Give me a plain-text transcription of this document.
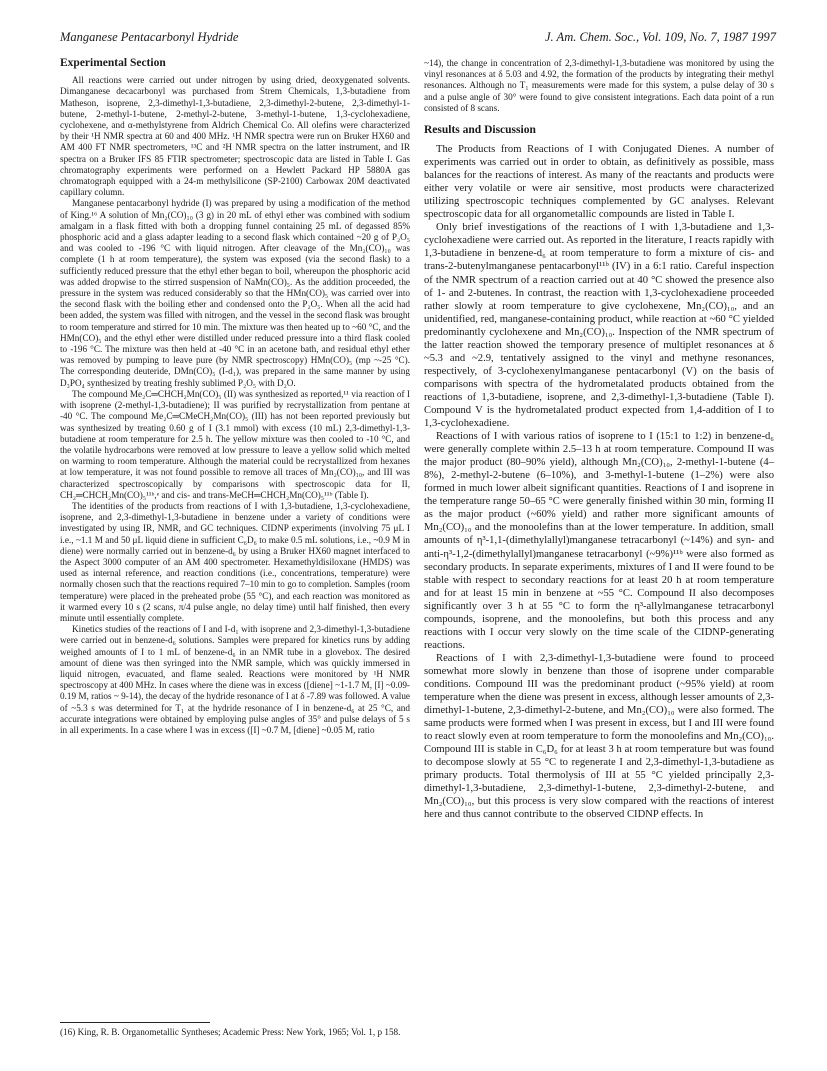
Manganese Pentacarbonyl Hydride	J. Am. Chem. Soc., Vol. 109, No. 7, 1987 1997
Experimental Section

All reactions were carried out under nitrogen by using dried, deoxygenated solvents. Dimanganese decacarbonyl was purchased from Strem Chemicals, 1,3-butadiene from Matheson, isoprene, 2,3-dimethyl-1,3-butadiene, 2,3-dimethyl-2-butene, 2,3-dimethyl-1-butene, 2-methyl-1-butene, 2-methyl-2-butene, 3-methyl-1-butene, 1,3-cyclohexadiene, cyclohexene, and α-methylstyrene from Aldrich Chemical Co. All olefins were characterized by their ¹H NMR spectra at 60 and 400 MHz. ¹H NMR spectra were run on Bruker HX60 and AM 400 FT NMR spectrometers, ¹³C and ²H NMR spectra on the latter instrument, and IR spectra on a Bruker IFS 85 FTIR spectrometer; spectroscopic data are listed in Table I. Gas chromatography experiments were performed on a Hewlett Packard HP 5880A gas chromatograph equipped with a 24-m methylsilicone (SP-2100) Carbowax 20M deactivated capillary column.

Manganese pentacarbonyl hydride (I) was prepared by using a modification of the method of King.¹⁶ A solution of Mn₂(CO)₁₀ (3 g) in 20 mL of ethyl ether was combined with sodium amalgam in a flask fitted with both a dropping funnel containing 25 mL of degassed 85% phosphoric acid and a glass adapter leading to a second flask which contained ~20 g of P₂O₅ and was cooled to -196 °C with liquid nitrogen. After cleavage of the Mn₂(CO)₁₀ was complete (1 h at room temperature), the system was exposed (via the second flask) to a sufficiently reduced pressure that the ethyl ether began to boil, whereupon the phosphoric acid was added dropwise to the stirred suspension of NaMn(CO)₅. As the addition proceeded, the pressure in the system was reduced considerably so that the HMn(CO)₅ was carried over into the second flask with the boiling ether and condensed onto the P₂O₅. When all the acid had been added, the system was filled with nitrogen, and the vessel in the second flask was brought to room temperature and stirred for 10 min. The mixture was then heated up to ~60 °C, and the HMn(CO)₅ and the ethyl ether were distilled under reduced pressure into a third flask cooled to -196 °C. The mixture was then held at -40 °C in an acetone bath, and residual ethyl ether was removed by pumping to leave pure (by NMR spectroscopy) HMn(CO)₅ (mp ~-25 °C). The corresponding deuteride, DMn(CO)₅ (I-d₁), was prepared in the same manner by using D₃PO₄ synthesized by treating freshly sublimed P₂O₅ with D₂O.

The compound Me₂C═CHCH₂Mn(CO)₅ (II) was synthesized as reported,¹¹ via reaction of I with isoprene (2-methyl-1,3-butadiene); II was purified by recrystallization from pentane at -40 °C. The compound Me₂C═CMeCH₂Mn(CO)₅ (III) has not been reported previously but was synthesized by treating 0.60 g of I (3.1 mmol) with excess (10 mL) 2,3-dimethyl-1,3-butadiene at room temperature for 2.5 h. The yellow mixture was then cooled to -10 °C, and the volatile hydrocarbons were removed at low pressure to leave a yellow solid which melted on warming to room temperature. Although the material could be recrystallized from hexanes at low temperature, it was not found possible to remove all traces of Mn₂(CO)₁₀, and III was characterized spectroscopically by comparisons with spectroscopic data for II, CH₂═CHCH₂Mn(CO)₅¹¹ᵇ,ᵉ and cis- and trans-MeCH═CHCH₂Mn(CO)₅¹¹ᵇ (Table I).

The identities of the products from reactions of I with 1,3-butadiene, 1,3-cyclohexadiene, isoprene, and 2,3-dimethyl-1,3-butadiene in benzene under a variety of conditions were investigated by using IR, NMR, and GC techniques. CIDNP experiments (involving 75 μL I i.e., ~1.1 M and 50 μL liquid diene in sufficient C₆D₆ to make 0.5 mL solutions, i.e., ~0.9 M in diene) were normally carried out in benzene-d₆ by using a Bruker HX60 magnet interfaced to the Aspect 3000 computer of an AM 400 spectrometer. Hexamethyldisiloxane (HMDS) was used as internal reference, and reaction conditions (i.e., concentrations, temperature) were normally chosen such that the reactions required 7–10 min to go to completion. Samples (room temperature) were placed in the preheated probe (55 °C), and each reaction was monitored as it warmed every 10 s (2 scans, π/4 pulse angle, no delay time) until half finished, then every minute until essentially complete.

Kinetics studies of the reactions of I and I-d₁ with isoprene and 2,3-dimethyl-1,3-butadiene were carried out in benzene-d₆ solutions. Samples were prepared for kinetics runs by adding weighed amounts of I to 1 mL of benzene-d₆ in an NMR tube in a glovebox. The desired amount of diene was then syringed into the NMR sample, which was quickly immersed in liquid nitrogen, evacuated, and flame sealed. Reactions were monitored by ¹H NMR spectroscopy at 400 MHz. In cases where the diene was in excess ([diene] ~1-1.7 M, [I] ~0.09-0.19 M, ratios ~ 9-14), the decay of the hydride resonance of I at δ -7.89 was followed. A value of ~5.3 s was determined for T₁ at the hydride resonance of I in benzene-d₆ at 25 °C, and accurate integrations were obtained by employing pulse angles of 35° and pulse delays of 5 s in all experiments. In a case where I was in excess ([I] ~0.7 M, [diene] ~0.05 M, ratio

(16) King, R. B. Organometallic Syntheses; Academic Press: New York, 1965; Vol. 1, p 158.

~14), the change in concentration of 2,3-dimethyl-1,3-butadiene was monitored by using the vinyl resonances at δ 5.03 and 4.92, the formation of the products by integrating their methyl resonances. Although no T₁ measurements were made for this system, a pulse delay of 30 s and a pulse angle of 30° were found to give consistent integrations. Each data point of a run consisted of 8 scans.

Results and Discussion

The Products from Reactions of I with Conjugated Dienes. A number of experiments was carried out in order to obtain, as definitively as possible, mass balances for the reactions of interest. As many of the reactants and products were either very volatile or were air sensitive, most products were characterized utilizing spectroscopic techniques complemented by GC analyses. Relevant spectroscopic data for all organometallic compounds are listed in Table I.

Only brief investigations of the reactions of I with 1,3-butadiene and 1,3-cyclohexadiene were carried out. As reported in the literature, I reacts rapidly with 1,3-butadiene in benzene-d₆ at room temperature to form a mixture of cis- and trans-2-butenylmanganese pentacarbonyl¹¹ᵇ (IV) in a 6:1 ratio. Careful inspection of the NMR spectrum of a reaction carried out at 40 °C showed the presence also of 1- and 2-butenes. In contrast, the reaction with 1,3-cyclohexadiene proceeded rather slowly at room temperature to give cyclohexene, Mn₂(CO)₁₀, and an unidentified, red, manganese-containing product, while reaction at ~60 °C yielded predominantly cyclohexene and Mn₂(CO)₁₀. Inspection of the NMR spectrum of the latter reaction showed the temporary presence of multiplet resonances at δ ~5.3 and ~2.9, tentatively assigned to the vinyl and methyne resonances, respectively, of 3-cyclohexenylmanganese pentacarbonyl (V) on the basis of comparisons with spectra of the hydrometalated products obtained from the reactions of 1,3-butadiene, isoprene, and 2,3-dimethyl-1,3-butadiene (Table I). Compound V is the hydrometalated product expected from 1,4-addition of I to 1,3-cyclohexadiene.

Reactions of I with various ratios of isoprene to I (15:1 to 1:2) in benzene-d₆ were generally complete within 2.5–13 h at room temperature. Compound II was the major product (80–90% yield), although Mn₂(CO)₁₀, 2-methyl-1-butene (4–8%), 2-methyl-2-butene (6–10%), and 3-methyl-1-butene (1–2%) were also formed in much lower albeit significant quantities. Reactions of I and isoprene in the temperature range 50–65 °C were generally finished within 30 min, forming II as the major product (~60% yield) and rather more significant amounts of Mn₂(CO)₁₀ and the monoolefins than at the lower temperature. In addition, small amounts of η³-1,1-(dimethylallyl)manganese tetracarbonyl (~14%) and syn- and anti-η³-1,2-(dimethylallyl)manganese tetracarbonyl (~9%)¹¹ᵇ were also formed as secondary products. In separate experiments, mixtures of I and II were found to be stable with respect to secondary reactions for at least 20 h at room temperature and for at least 15 min in benzene at ~55 °C. Compound II also decomposes significantly over 3 h at 55 °C to form the η³-allylmanganese tetracarbonyl compounds, isoprene, and the monoolefins, but both this process and any reactions with I occur very slowly on the time scale of the CIDNP-generating reactions.

Reactions of I with 2,3-dimethyl-1,3-butadiene were found to proceed somewhat more slowly in benzene than those of isoprene under comparable conditions. Compound III was the predominant product (~95% yield) at room temperature when the diene was present in excess, although lesser amounts of 2,3-dimethyl-1-butene, 2,3-dimethyl-2-butene, and Mn₂(CO)₁₀ were also formed. The same products were formed when I was present in excess, but I and III were found to react slowly even at room temperature to form the monoolefins and Mn₂(CO)₁₀. Compound III is stable in C₆D₆ for at least 3 h at room temperature but was found to decompose slowly at 55 °C to regenerate I and 2,3-dimethyl-1,3-butadiene as primary products. Total thermolysis of III at 55 °C yielded principally 2,3-dimethyl-1,3-butadiene, 2,3-dimethyl-1-butene, 2,3-dimethyl-2-butene, and Mn₂(CO)₁₀, but this process is very slow compared with the reactions of interest here and thus cannot contribute to the observed CIDNP effects. In
